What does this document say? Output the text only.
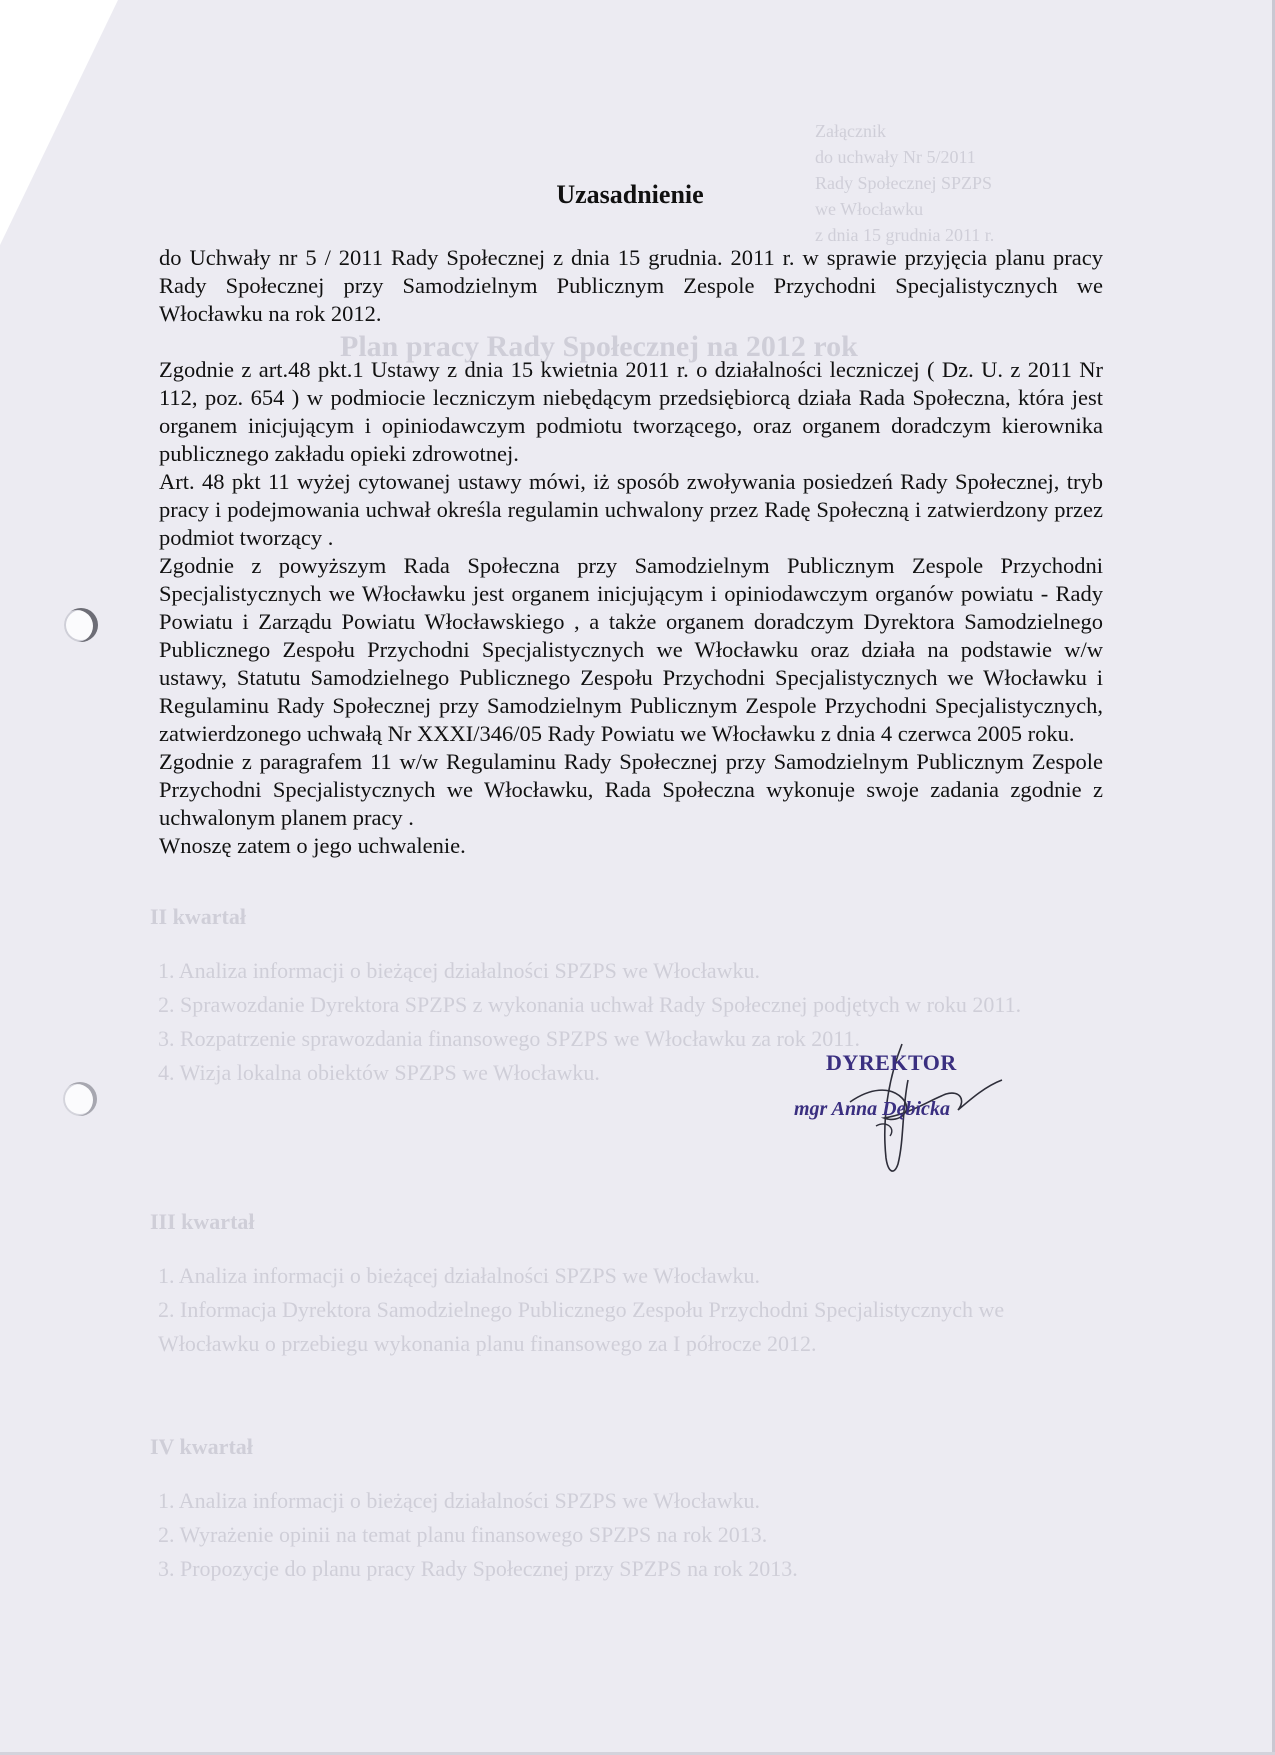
Załącznik
do uchwały Nr 5/2011
Rady Społecznej SPZPS
we Włocławku
z dnia 15 grudnia 2011 r.
Plan pracy Rady Społecznej na 2012 rok
II kwartał
1. Analiza informacji o bieżącej działalności SPZPS we Włocławku.
2. Sprawozdanie Dyrektora SPZPS z wykonania uchwał Rady Społecznej podjętych w roku 2011.
3. Rozpatrzenie sprawozdania finansowego SPZPS we Włocławku za rok 2011.
4. Wizja lokalna obiektów SPZPS we Włocławku.
III kwartał
1. Analiza informacji o bieżącej działalności SPZPS we Włocławku.
2. Informacja Dyrektora Samodzielnego Publicznego Zespołu Przychodni Specjalistycznych we Włocławku o przebiegu wykonania planu finansowego za I półrocze 2012.
IV kwartał
1. Analiza informacji o bieżącej działalności SPZPS we Włocławku.
2. Wyrażenie opinii na temat planu finansowego SPZPS na rok 2013.
3. Propozycje do planu pracy Rady Społecznej przy SPZPS na rok 2013.
Uzasadnienie

do Uchwały nr 5 / 2011 Rady Społecznej z dnia 15 grudnia. 2011 r. w sprawie przyjęcia planu pracy Rady Społecznej przy Samodzielnym Publicznym Zespole Przychodni Specjalistycznych we Włocławku na rok 2012.

Zgodnie z art.48 pkt.1 Ustawy z dnia 15 kwietnia 2011 r. o działalności leczniczej ( Dz. U. z 2011 Nr 112, poz. 654 ) w podmiocie leczniczym niebędącym przedsiębiorcą działa Rada Społeczna, która jest organem inicjującym i opiniodawczym podmiotu tworzącego, oraz organem doradczym kierownika publicznego zakładu opieki zdrowotnej.

Art. 48 pkt 11 wyżej cytowanej ustawy mówi, iż sposób zwoływania posiedzeń Rady Społecznej, tryb pracy i podejmowania uchwał określa regulamin uchwalony przez Radę Społeczną i zatwierdzony przez podmiot tworzący .

Zgodnie z powyższym Rada Społeczna przy Samodzielnym Publicznym Zespole Przychodni Specjalistycznych we Włocławku jest organem inicjującym i opiniodawczym organów powiatu - Rady Powiatu i Zarządu Powiatu Włocławskiego , a także organem doradczym Dyrektora Samodzielnego Publicznego Zespołu Przychodni Specjalistycznych we Włocławku oraz działa na podstawie w/w ustawy, Statutu Samodzielnego Publicznego Zespołu Przychodni Specjalistycznych we Włocławku i Regulaminu Rady Społecznej przy Samodzielnym Publicznym Zespole Przychodni Specjalistycznych, zatwierdzonego uchwałą Nr XXXI/346/05 Rady Powiatu we Włocławku z dnia 4 czerwca 2005 roku.

Zgodnie z paragrafem 11 w/w Regulaminu Rady Społecznej przy Samodzielnym Publicznym Zespole Przychodni Specjalistycznych we Włocławku, Rada Społeczna wykonuje swoje zadania zgodnie z uchwalonym planem pracy .

Wnoszę zatem o jego uchwalenie.

DYREKTOR
mgr Anna Dębicka
